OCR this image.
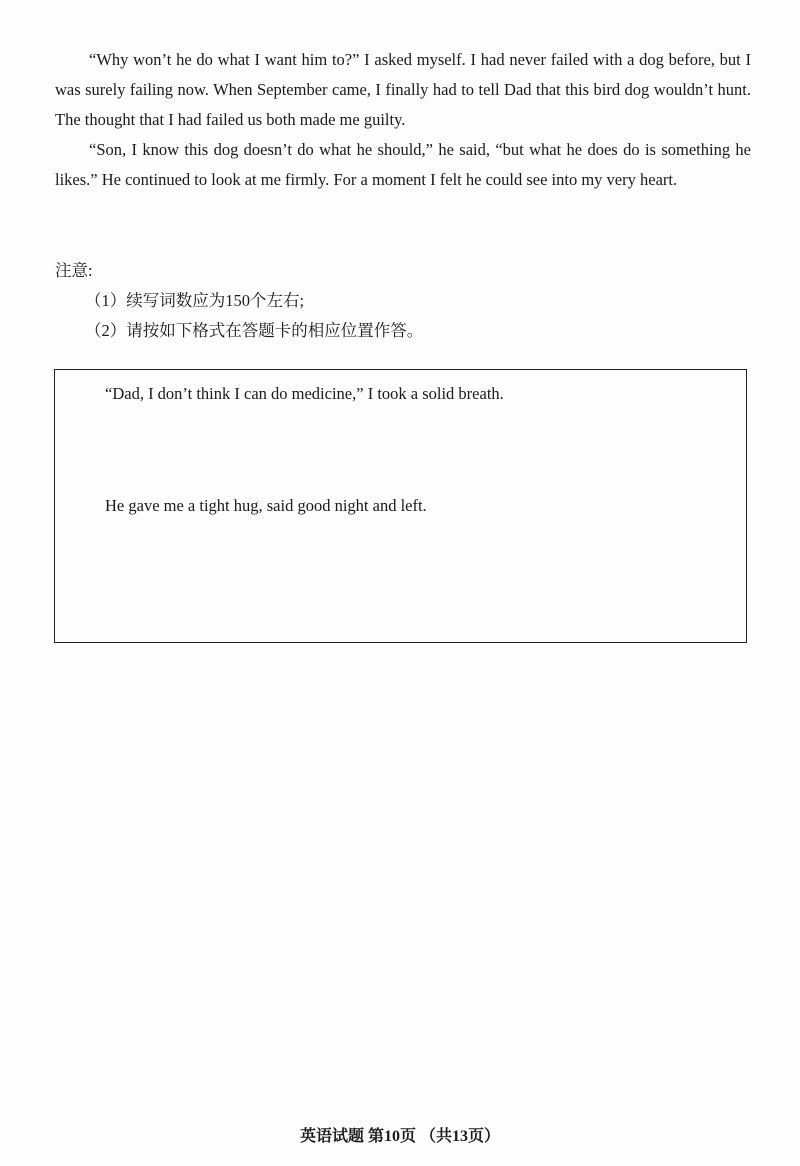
“Why won’t he do what I want him to?” I asked myself. I had never failed with a dog before, but I was surely failing now. When September came, I finally had to tell Dad that this bird dog wouldn’t hunt. The thought that I had failed us both made me guilty.

“Son, I know this dog doesn’t do what he should,” he said, “but what he does do is something he likes.” He continued to look at me firmly. For a moment I felt he could see into my very heart.

注意:

（1）续写词数应为150个左右;

（2）请按如下格式在答题卡的相应位置作答。

“Dad, I don’t think I can do medicine,” I took a solid breath.

He gave me a tight hug, said good night and left.

英语试题 第10页 （共13页）
